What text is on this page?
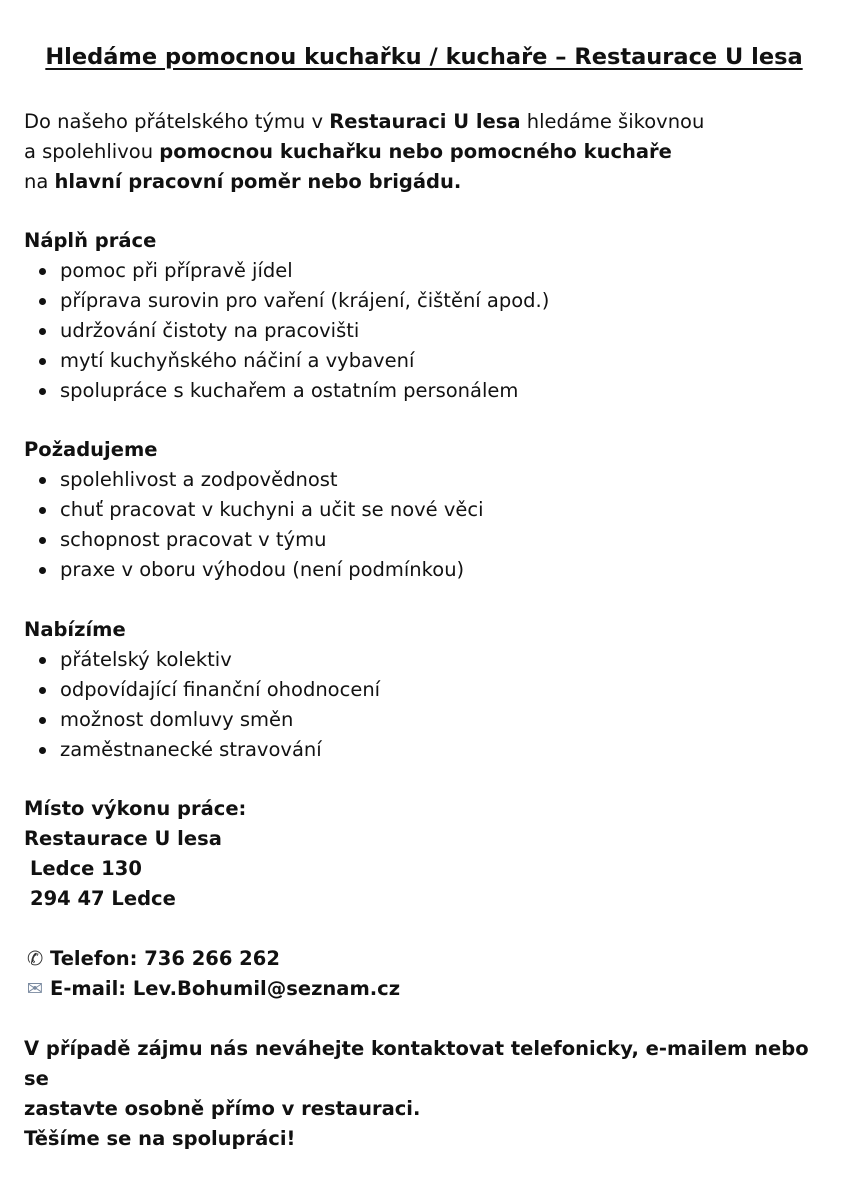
Hledáme pomocnou kuchařku / kuchaře – Restaurace U lesa

Do našeho přátelského týmu v Restauraci U lesa hledáme šikovnou

a spolehlivou pomocnou kuchařku nebo pomocného kuchaře

na hlavní pracovní poměr nebo brigádu.

Náplň práce

pomoc při přípravě jídel
příprava surovin pro vaření (krájení, čištění apod.)
udržování čistoty na pracovišti
mytí kuchyňského náčiní a vybavení
spolupráce s kuchařem a ostatním personálem

Požadujeme

spolehlivost a zodpovědnost
chuť pracovat v kuchyni a učit se nové věci
schopnost pracovat v týmu
praxe v oboru výhodou (není podmínkou)

Nabízíme

přátelský kolektiv
odpovídající finanční ohodnocení
možnost domluvy směn
zaměstnanecké stravování

Místo výkonu práce:

Restaurace U lesa

Ledce 130

294 47 Ledce

✆ Telefon: 736 266 262

✉ E-mail: Lev.Bohumil@seznam.cz

V případě zájmu nás neváhejte kontaktovat telefonicky, e-mailem nebo se

zastavte osobně přímo v restauraci.

Těšíme se na spolupráci!
